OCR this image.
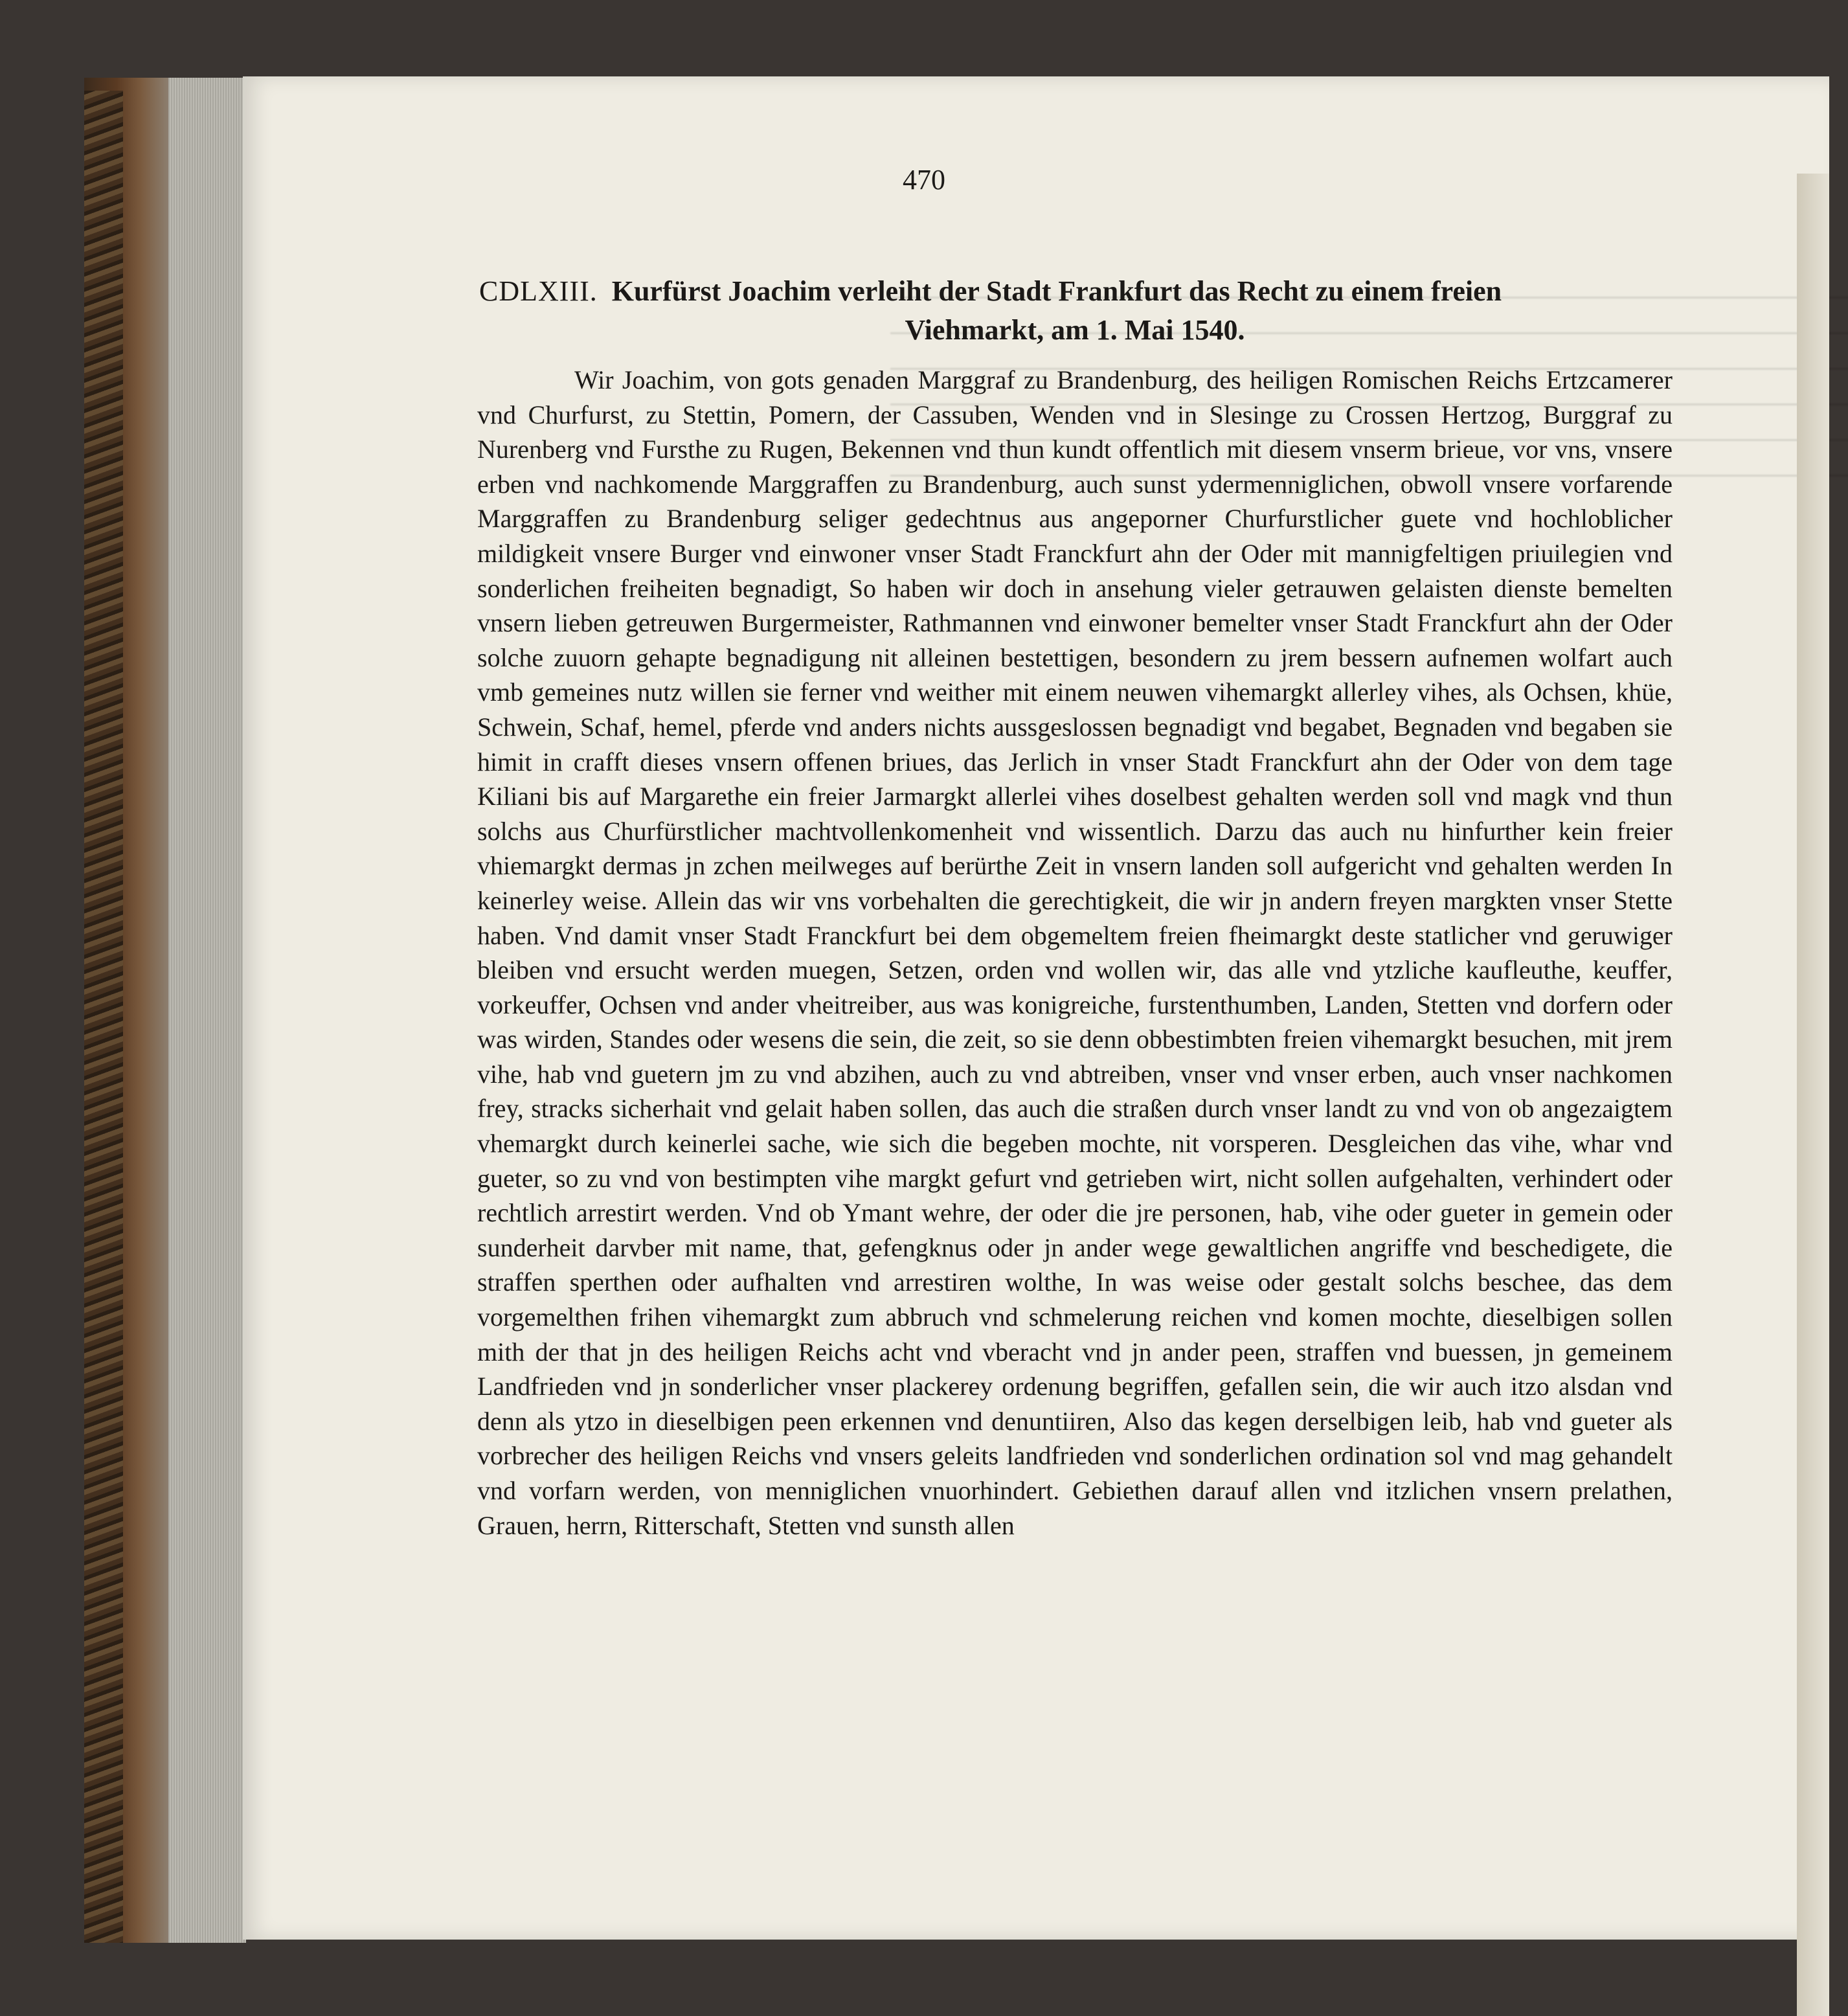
470
CDLXIII. Kurfürst Joachim verleiht der Stadt Frankfurt das Recht zu einem freien
Viehmarkt, am 1. Mai 1540.
Wir Joachim, von gots genaden Marggraf zu Brandenburg, des heiligen Romischen Reichs Ertzcamerer vnd Churfurst, zu Stettin, Pomern, der Cassuben, Wenden vnd in Slesinge zu Crossen Hertzog, Burggraf zu Nurenberg vnd Fursthe zu Rugen, Bekennen vnd thun kundt offentlich mit diesem vnserm brieue, vor vns, vnsere erben vnd nachkomende Marggraffen zu Brandenburg, auch sunst ydermenniglichen, obwoll vnsere vorfarende Marggraffen zu Brandenburg seliger gedechtnus aus angeporner Churfurstlicher guete vnd hochloblicher mildigkeit vnsere Burger vnd einwoner vnser Stadt Franckfurt ahn der Oder mit mannigfeltigen priuilegien vnd sonderlichen freiheiten begnadigt, So haben wir doch in ansehung vieler getrauwen gelaisten dienste bemelten vnsern lieben getreuwen Burgermeister, Rathmannen vnd einwoner bemelter vnser Stadt Franckfurt ahn der Oder solche zuuorn gehapte begnadigung nit alleinen bestettigen, besondern zu jrem bessern aufnemen wolfart auch vmb gemeines nutz willen sie ferner vnd weither mit einem neuwen vihemargkt allerley vihes, als Ochsen, khüe, Schwein, Schaf, hemel, pferde vnd anders nichts aussgeslossen begnadigt vnd begabet, Begnaden vnd begaben sie himit in crafft dieses vnsern offenen briues, das Jerlich in vnser Stadt Franckfurt ahn der Oder von dem tage Kiliani bis auf Margarethe ein freier Jarmargkt allerlei vihes doselbest gehalten werden soll vnd magk vnd thun solchs aus Churfürstlicher machtvollenkomenheit vnd wissentlich. Darzu das auch nu hinfurther kein freier vhiemargkt dermas jn zchen meilweges auf berürthe Zeit in vnsern landen soll aufgericht vnd gehalten werden In keinerley weise. Allein das wir vns vorbehalten die gerechtigkeit, die wir jn andern freyen margkten vnser Stette haben. Vnd damit vnser Stadt Franckfurt bei dem obgemeltem freien fheimargkt deste statlicher vnd geruwiger bleiben vnd ersucht werden muegen, Setzen, orden vnd wollen wir, das alle vnd ytzliche kaufleuthe, keuffer, vorkeuffer, Ochsen vnd ander vheitreiber, aus was konigreiche, furstenthumben, Landen, Stetten vnd dorfern oder was wirden, Standes oder wesens die sein, die zeit, so sie denn obbestimbten freien vihemargkt besuchen, mit jrem vihe, hab vnd guetern jm zu vnd abzihen, auch zu vnd abtreiben, vnser vnd vnser erben, auch vnser nachkomen frey, stracks sicherhait vnd gelait haben sollen, das auch die straßen durch vnser landt zu vnd von ob angezaigtem vhemargkt durch keinerlei sache, wie sich die begeben mochte, nit vorsperen. Desgleichen das vihe, whar vnd gueter, so zu vnd von bestimpten vihe margkt gefurt vnd getrieben wirt, nicht sollen aufgehalten, verhindert oder rechtlich arrestirt werden. Vnd ob Ymant wehre, der oder die jre personen, hab, vihe oder gueter in gemein oder sunderheit darvber mit name, that, gefengknus oder jn ander wege gewaltlichen angriffe vnd beschedigete, die straffen sperthen oder aufhalten vnd arrestiren wolthe, In was weise oder gestalt solchs beschee, das dem vorgemelthen frihen vihemargkt zum abbruch vnd schmelerung reichen vnd komen mochte, dieselbigen sollen mith der that jn des heiligen Reichs acht vnd vberacht vnd jn ander peen, straffen vnd buessen, jn gemeinem Landfrieden vnd jn sonderlicher vnser plackerey ordenung begriffen, gefallen sein, die wir auch itzo alsdan vnd denn als ytzo in dieselbigen peen erkennen vnd denuntiiren, Also das kegen derselbigen leib, hab vnd gueter als vorbrecher des heiligen Reichs vnd vnsers geleits landfrieden vnd sonderlichen ordination sol vnd mag gehandelt vnd vorfarn werden, von menniglichen vnuorhindert. Gebiethen darauf allen vnd itzlichen vnsern prelathen, Grauen, herrn, Ritterschaft, Stetten vnd sunsth allen
